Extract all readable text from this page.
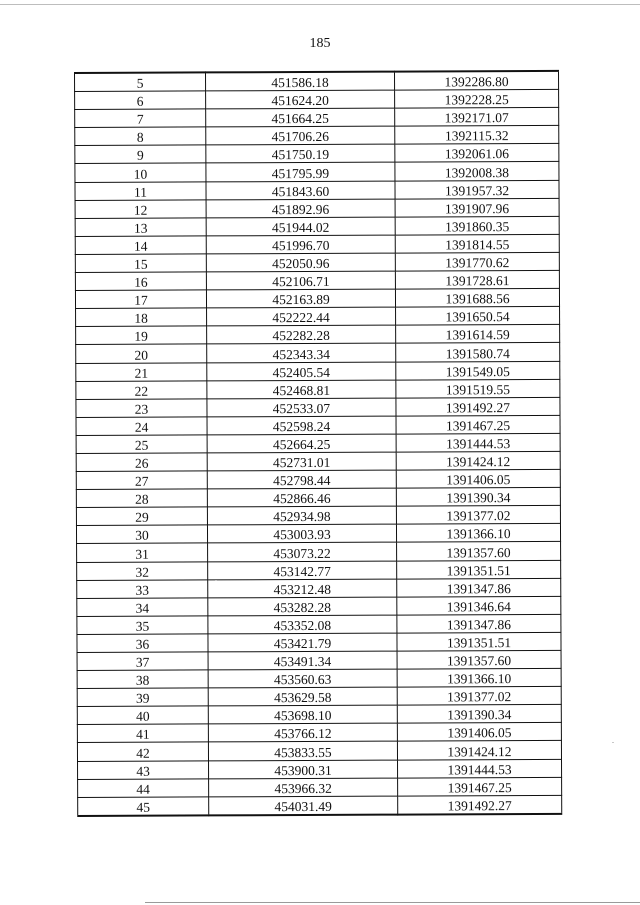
185
5	451586.18	1392286.80
6	451624.20	1392228.25
7	451664.25	1392171.07
8	451706.26	1392115.32
9	451750.19	1392061.06
10	451795.99	1392008.38
11	451843.60	1391957.32
12	451892.96	1391907.96
13	451944.02	1391860.35
14	451996.70	1391814.55
15	452050.96	1391770.62
16	452106.71	1391728.61
17	452163.89	1391688.56
18	452222.44	1391650.54
19	452282.28	1391614.59
20	452343.34	1391580.74
21	452405.54	1391549.05
22	452468.81	1391519.55
23	452533.07	1391492.27
24	452598.24	1391467.25
25	452664.25	1391444.53
26	452731.01	1391424.12
27	452798.44	1391406.05
28	452866.46	1391390.34
29	452934.98	1391377.02
30	453003.93	1391366.10
31	453073.22	1391357.60
32	453142.77	1391351.51
33	453212.48	1391347.86
34	453282.28	1391346.64
35	453352.08	1391347.86
36	453421.79	1391351.51
37	453491.34	1391357.60
38	453560.63	1391366.10
39	453629.58	1391377.02
40	453698.10	1391390.34
41	453766.12	1391406.05
42	453833.55	1391424.12
43	453900.31	1391444.53
44	453966.32	1391467.25
45	454031.49	1391492.27
